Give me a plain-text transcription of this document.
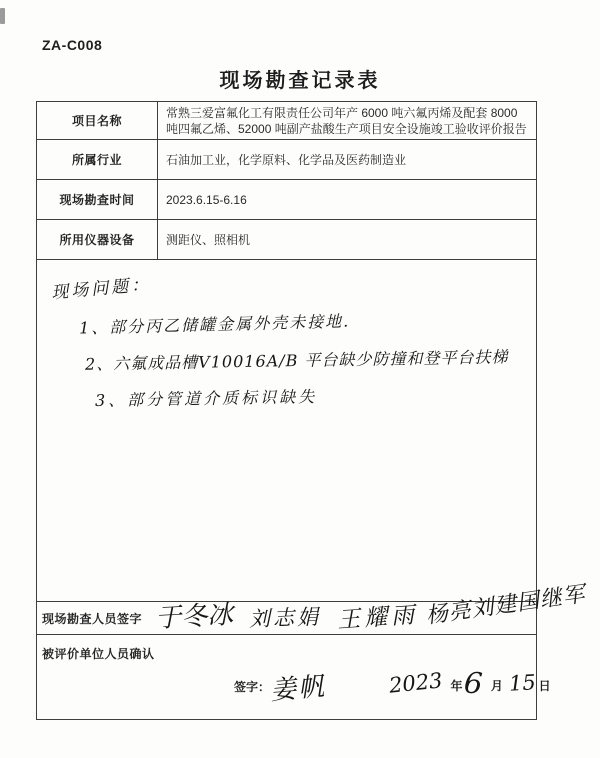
ZA-C008
现场勘查记录表
项目名称	常熟三爱富氟化工有限责任公司年产 6000 吨六氟丙烯及配套 8000 吨四氟乙烯、52000 吨副产盐酸生产项目安全设施竣工验收评价报告
所属行业	石油加工业，化学原料、化学品及医药制造业
现场勘查时间	2023.6.15-6.16
所用仪器设备	测距仪、照相机

现场问题：
1、部分丙乙储罐金属外壳未接地.
2、六氟成品槽V10016A/B 平台缺少防撞和登平台扶梯
3、部分管道介质标识缺失	

现场勘查人员签字 于冬冰 刘志娟 王耀雨 杨亮刘建国继军	

被评价单位人员确认
签字： 姜帆	2023 年 6 月 15 日
